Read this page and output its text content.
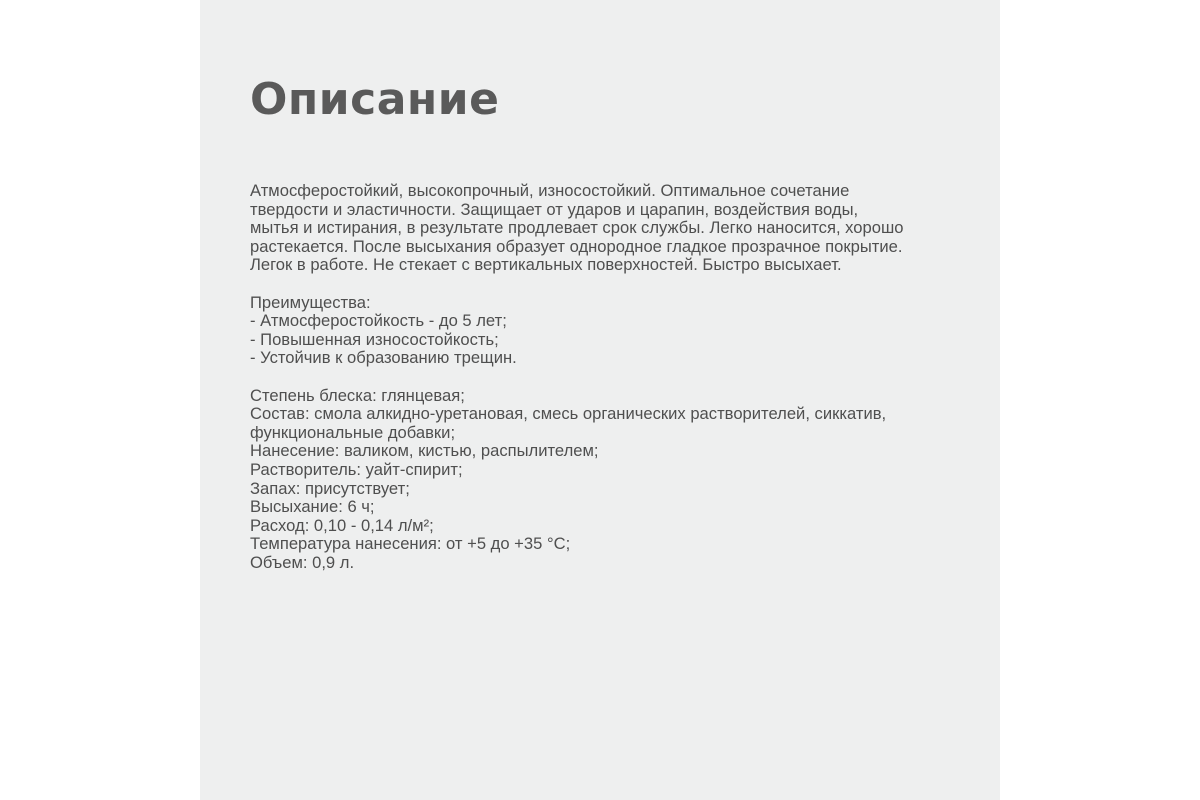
Описание

Атмосферостойкий, высокопрочный, износостойкий. Оптимальное сочетание

твердости и эластичности. Защищает от ударов и царапин, воздействия воды,

мытья и истирания, в результате продлевает срок службы. Легко наносится, хорошо

растекается. После высыхания образует однородное гладкое прозрачное покрытие.

Легок в работе. Не стекает с вертикальных поверхностей. Быстро высыхает.

Преимущества:

- Атмосферостойкость - до 5 лет;

- Повышенная износостойкость;

- Устойчив к образованию трещин.

Степень блеска: глянцевая;

Состав: смола алкидно-уретановая, смесь органических растворителей, сиккатив,

функциональные добавки;

Нанесение: валиком, кистью, распылителем;

Растворитель: уайт-спирит;

Запах: присутствует;

Высыхание: 6 ч;

Расход: 0,10 - 0,14 л/м²;

Температура нанесения: от +5 до +35 °С;

Объем: 0,9 л.
